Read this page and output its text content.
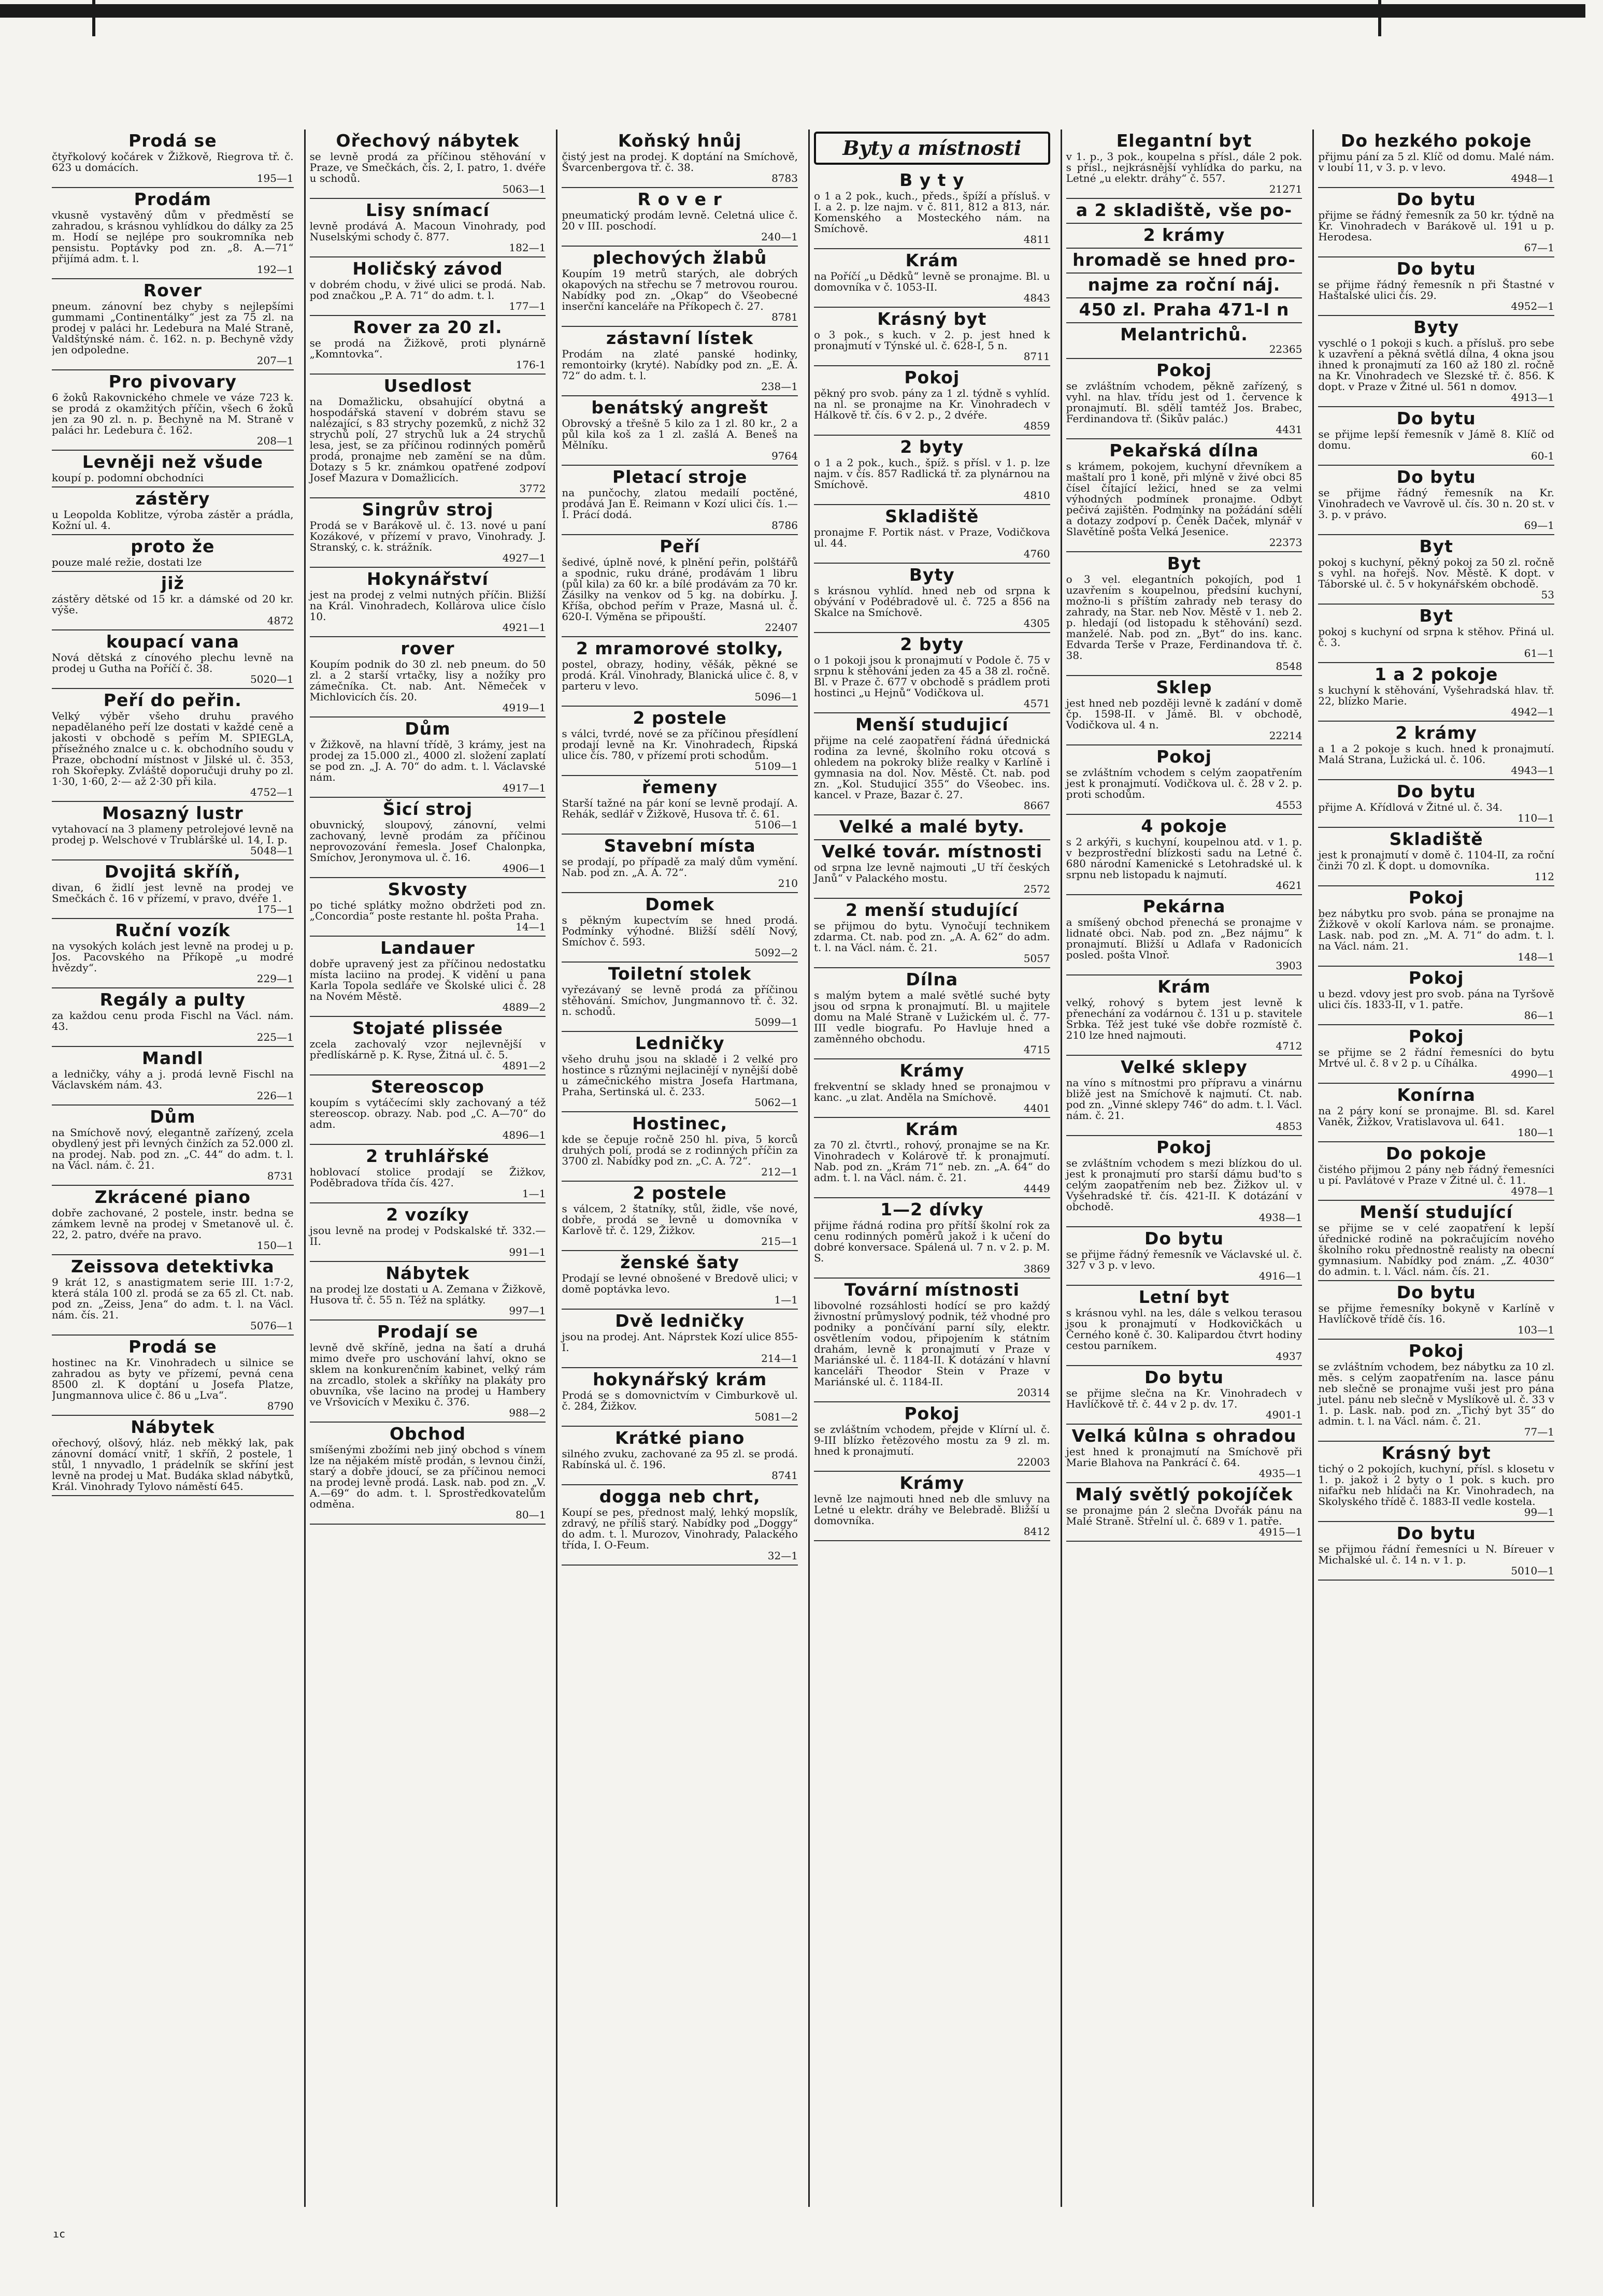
Prodá se
čtyřkolový kočárek v Žižkově, Riegrova tř. č. 623 u domácích.
195—1
Prodám
vkusně vystavěný dům v předměstí se zahradou, s krásnou vyhlídkou do dálky za 25 m. Hodí se nejlépe pro soukromníka neb pensistu. Poptávky pod zn. „8. A.—71“ přijímá adm. t. l.
192—1
Rover
pneum. zánovní bez chyby s nejlepšími gummami „Continentálky“ jest za 75 zl. na prodej v paláci hr. Ledebura na Malé Straně, Valdštýnské nám. č. 162. n. p. Bechyně vždy jen odpoledne.
207—1
Pro pivovary
6 žoků Rakovnického chmele ve váze 723 k. se prodá z okamžitých příčin, všech 6 žoků jen za 90 zl. n. p. Bechyně na M. Straně v paláci hr. Ledebura č. 162.
208—1
Levněji než všude
koupí p. podomní obchodníci
zástěry
u Leopolda Koblitze, výroba zástěr a prádla, Kožní ul. 4.
proto že
pouze malé režie, dostati lze
již
zástěry dětské od 15 kr. a dámské od 20 kr. výše.
4872
koupací vana
Nová dětská z cínového plechu levně na prodej u Gutha na Poříčí č. 38.
5020—1
Peří do peřin.
Velký výběr všeho druhu pravého nepadělaného peří lze dostati v každé ceně a jakosti v obchodě s peřím M. SPIEGLA, přísežného znalce u c. k. obchodního soudu v Praze, obchodní místnost v Jilské ul. č. 353, roh Skořepky. Zvláště doporučuji druhy po zl. 1·30, 1·60, 2·— až 2·30 při kila.
4752—1
Mosazný lustr
vytahovací na 3 plameny petrolejové levně na prodej p. Welschové v Trubláršké ul. 14, I. p.
5048—1
Dvojitá skříň,
divan, 6 židlí jest levně na prodej ve Smečkách č. 16 v přízemí, v pravo, dvéře 1.
175—1
Ruční vozík
na vysokých kolách jest levně na prodej u p. Jos. Pacovského na Příkopě „u modré hvězdy“.
229—1
Regály a pulty
za každou cenu proda Fischl na Václ. nám. 43.
225—1
Mandl
a ledničky, váhy a j. prodá levně Fischl na Václavském nám. 43.
226—1
Dům
na Smíchově nový, elegantně zařízený, zcela obydlený jest při levných činžích za 52.000 zl. na prodej. Nab. pod zn. „C. 44“ do adm. t. l. na Václ. nám. č. 21.
8731
Zkrácené piano
dobře zachované, 2 postele, instr. bedna se zámkem levně na prodej v Smetanově ul. č. 22, 2. patro, dvéře na pravo.
150—1
Zeissova detektivka
9 krát 12, s anastigmatem serie III. 1:7·2, která stála 100 zl. prodá se za 65 zl. Ct. nab. pod zn. „Zeiss, Jena“ do adm. t. l. na Václ. nám. čís. 21.
5076—1
Prodá se
hostinec na Kr. Vinohradech u silnice se zahradou as byty ve přízemí, pevná cena 8500 zl. K doptání u Josefa Platze, Jungmannova ulice č. 86 u „Lva“.
8790
Nábytek
ořechový, olšový, hláz. neb měkký lak, pak zánovní domácí vnitř, 1 skříň, 2 postele, 1 stůl, 1 nnyvadlo, 1 prádelník se skříní jest levně na prodej u Mat. Budáka sklad nábytků, Král. Vinohrady Tylovo náměstí 645.
Ořechový nábytek
se levně prodá za příčinou stěhování v Praze, ve Smečkách, čís. 2, I. patro, 1. dvéře u schodů.
5063—1
Lisy snímací
levně prodává A. Macoun Vinohrady, pod Nuselskými schody č. 877.
182—1
Holičský závod
v dobrém chodu, v živé ulici se prodá. Nab. pod značkou „P. A. 71“ do adm. t. l.
177—1
Rover za 20 zl.
se prodá na Žižkově, proti plynárně „Komntovka“.
176-1
Usedlost
na Domažlicku, obsahující obytná a hospodářská stavení v dobrém stavu se nalézající, s 83 strychy pozemků, z nichž 32 strychů polí, 27 strychů luk a 24 strychů lesa, jest, se za příčinou rodinných poměrů prodá, pronajme neb zamění se na dům. Dotazy s 5 kr. známkou opatřené zodpoví Josef Mazura v Domažlicích.
3772
Singrův stroj
Prodá se v Barákově ul. č. 13. nové u paní Kozákové, v přízemí v pravo, Vinohrady. J. Stranský, c. k. strážník.
4927—1
Hokynářství
jest na prodej z velmi nutných příčin. Bližší na Král. Vinohradech, Kollárova ulice číslo 10.
4921—1
rover
Koupím podnik do 30 zl. neb pneum. do 50 zl. a 2 starší vrtačky, lisy a nožíky pro zámečníka. Ct. nab. Ant. Němeček v Michlovicích čís. 20.
4919—1
Dům
v Žižkově, na hlavní třídě, 3 krámy, jest na prodej za 15.000 zl., 4000 zl. složení zaplatí se pod zn. „J. A. 70“ do adm. t. l. Václavské nám.
4917—1
Šicí stroj
obuvnický, sloupový, zánovní, velmi zachovaný, levně prodám za příčinou neprovozování řemesla. Josef Chalonpka, Smíchov, Jeronymova ul. č. 16.
4906—1
Skvosty
po tiché splátky možno obdržeti pod zn. „Concordia“ poste restante hl. pošta Praha.
14—1
Landauer
dobře upravený jest za příčinou nedostatku místa laciino na prodej. K vidění u pana Karla Topola sedláře ve Školské ulici č. 28 na Novém Městě.
4889—2
Stojaté plissée
zcela zachovalý vzor nejlevnější v předlískárně p. K. Ryse, Žitná ul. č. 5.
4891—2
Stereoscop
koupím s vytáčecími skly zachovaný a též stereoscop. obrazy. Nab. pod „C. A—70“ do adm.
4896—1
2 truhlářské
hoblovací stolice prodají se Žižkov, Poděbradova třída čís. 427.
1—1
2 vozíky
jsou levně na prodej v Podskalské tř. 332.—II.
991—1
Nábytek
na prodej lze dostati u A. Zemana v Žižkově, Husova tř. č. 55 n. Též na splátky.
997—1
Prodají se
levně dvě skříně, jedna na šatí a druhá mimo dveře pro uschování lahví, okno se sklem na konkurenčním kabinet, velký rám na zrcadlo, stolek a skříňky na plakáty pro obuvníka, vše lacino na prodej u Hambery ve Vršovicích v Mexiku č. 376.
988—2
Obchod
smíšenými zbožími neb jiný obchod s vínem lze na nějakém místě prodán, s levnou činží, starý a dobře jdoucí, se za příčinou nemoci na prodej levně prodá. Lask. nab. pod zn. „V. A.—69“ do adm. t. l. Sprostředkovatelům odměna.
80—1
Koňský hnůj
čistý jest na prodej. K doptání na Smíchově, Švarcenbergova tř. č. 38.
8783
R o v e r
pneumatický prodám levně. Celetná ulice č. 20 v III. poschodí.
240—1
plechových žlabů
Koupím 19 metrů starých, ale dobrých okapových na střechu se 7 metrovou rourou. Nabídky pod zn. „Okap“ do Všeobecné inserční kanceláře na Příkopech č. 27.
8781
zástavní lístek
Prodám na zlaté panské hodinky, remontoirky (kryté). Nabídky pod zn. „E. A. 72“ do adm. t. l.
238—1
benátský angrešt
Obrovský a třešně 5 kilo za 1 zl. 80 kr., 2 a půl kila koš za 1 zl. zašlá A. Beneš na Mělníku.
9764
Pletací stroje
na punčochy, zlatou medailí poctěné, prodává Jan E. Reimann v Kozí ulici čís. 1.—I. Prácí dodá.
8786
Peří
šedivé, úplně nové, k plnění peřin, polštářů a spodnic, ruku dráné, prodávám 1 libru (půl kila) za 60 kr. a bílé prodávám za 70 kr. Zásilky na venkov od 5 kg. na dobírku. J. Kříša, obchod peřím v Praze, Masná ul. č. 620-I. Výměna se připouští.
22407
2 mramorové stolky,
postel, obrazy, hodiny, věšák, pěkné se prodá. Král. Vinohrady, Blanická ulice č. 8, v parteru v levo.
5096—1
2 postele
s válci, tvrdé, nové se za příčinou přesídlení prodají levně na Kr. Vinohradech, Řipská ulice čís. 780, v přízemí proti schodům.
5109—1
řemeny
Starší tažné na pár koní se levně prodají. A. Rehák, sedlář v Žižkově, Husova tř. č. 61.
5106—1
Stavební místa
se prodají, po případě za malý dům vymění. Nab. pod zn. „A. A. 72“.
210
Domek
s pěkným kupectvím se hned prodá. Podmínky výhodné. Bližší sdělí Nový, Smíchov č. 593.
5092—2
Toiletní stolek
vyřezávaný se levně prodá za příčinou stěhování. Smíchov, Jungmannovo tř. č. 32. n. schodů.
5099—1
Ledničky
všeho druhu jsou na skladě i 2 velké pro hostince s různými nejlacinějí v nynější době u zámečnického mistra Josefa Hartmana, Praha, Sertinská ul. č. 233.
5062—1
Hostinec,
kde se čepuje ročně 250 hl. piva, 5 korců druhých polí, prodá se z rodinných příčin za 3700 zl. Nabídky pod zn. „C. A. 72“.
212—1
2 postele
s válcem, 2 štatníky, stůl, židle, vše nové, dobře, prodá se levně u domovníka v Karlově tř. č. 129, Žižkov.
215—1
ženské šaty
Prodají se levné obnošené v Bredově ulici; v domě poptávka levo.
1—1
Dvě ledničky
jsou na prodej. Ant. Náprstek Kozí ulice 855-I.
214—1
hokynářský krám
Prodá se s domovnictvím v Cimburkově ul. č. 284, Žižkov.
5081—2
Krátké piano
silného zvuku, zachované za 95 zl. se prodá. Rabínská ul. č. 196.
8741
dogga neb chrt,
Koupí se pes, přednost malý, lehký mopslík, zdravý, ne příliš starý. Nabídky pod „Doggy“ do adm. t. l. Murozov, Vinohrady, Palackého třída, I. O-Feum.
32—1
Byty a místnosti
B y t y
o 1 a 2 pok., kuch., předs., špíží a přísluš. v I. a 2. p. lze najm. v č. 811, 812 a 813, nár. Komenského a Mosteckého nám. na Smíchově.
4811
Krám
na Poříčí „u Dědků“ levně se pronajme. Bl. u domovníka v č. 1053-II.
4843
Krásný byt
o 3 pok., s kuch. v 2. p. jest hned k pronajmutí v Týnské ul. č. 628-I, 5 n.
8711
Pokoj
pěkný pro svob. pány za 1 zl. týdně s vyhlíd. na nl. se pronajme na Kr. Vinohradech v Hálkově tř. čís. 6 v 2. p., 2 dvéře.
4859
2 byty
o 1 a 2 pok., kuch., špíž. s přísl. v 1. p. lze najm. v čís. 857 Radlická tř. za plynárnou na Smíchově.
4810
Skladiště
pronajme F. Portik nást. v Praze, Vodičkova ul. 44.
4760
Byty
s krásnou vyhlíd. hned neb od srpna k obývání v Podébradově ul. č. 725 a 856 na Skalce na Smíchově.
4305
2 byty
o 1 pokoji jsou k pronajmutí v Podole č. 75 v srpnu k stěhování jeden za 45 a 38 zl. ročně. Bl. v Praze č. 677 v obchodě s prádlem proti hostinci „u Hejnů“ Vodičkova ul.
4571
Menší studujicí
přijme na celé zaopatření řádná úřednická rodina za levné, školního roku otcová s ohledem na pokroky bliže realky v Karlíně i gymnasia na dol. Nov. Městě. Ct. nab. pod zn. „Kol. Studujicí 355“ do Všeobec. ins. kancel. v Praze, Bazar č. 27.
8667
Velké a malé byty.
Velké továr. místnosti
od srpna lze levně najmouti „U tří českých Janů“ v Palackého mostu.
2572
2 menší studující
se přijmou do bytu. Vynočují technikem zdarma. Ct. nab. pod zn. „A. A. 62“ do adm. t. l. na Václ. nám. č. 21.
5057
Dílna
s malým bytem a malé světlé suché byty jsou od srpna k pronajmutí. Bl. u majitele domu na Malé Straně v Lužickém ul. č. 77-III vedle biografu. Po Havluje hned a zaměnného obchodu.
4715
Krámy
frekventní se sklady hned se pronajmou v kanc. „u zlat. Anděla na Smíchově.
4401
Krám
za 70 zl. čtvrtl., rohový, pronajme se na Kr. Vinohradech v Kolárově tř. k pronajmutí. Nab. pod zn. „Krám 71“ neb. zn. „A. 64“ do adm. t. l. na Václ. nám. č. 21.
4449
1—2 dívky
přijme řádná rodina pro přítší školní rok za cenu rodinných poměrů jakož i k učení do dobré konversace. Spálená ul. 7 n. v 2. p. M. S.
3869
Tovární místnosti
libovolné rozsáhlosti hodící se pro každý živnostní průmyslový podnik, též vhodné pro podniky a pončívání parní síly, elektr. osvětlením vodou, připojením k státním drahám, levně k pronajmutí v Praze v Mariánské ul. č. 1184-II. K dotázání v hlavní kanceláři Theodor Stein v Praze v Mariánské ul. č. 1184-II.
20314
Pokoj
se zvláštním vchodem, přejde v Klírní ul. č. 9-III blízko řetězového mostu za 9 zl. m. hned k pronajmutí.
22003
Krámy
levně lze najmouti hned neb dle smluvy na Letné u elektr. dráhy ve Belebradě. Bližší u domovníka.
8412
Elegantní byt
v 1. p., 3 pok., koupelna s přísl., dále 2 pok. s přísl., nejkrásnější vyhlídka do parku, na Letné „u elektr. dráhy“ č. 557.
21271
a 2 skladiště, vše po-
2 krámy
hromadě se hned pro-
najme za roční náj.
450 zl. Praha 471-I n
Melantrichů.
22365
Pokoj
se zvláštním vchodem, pěkně zařízený, s vyhl. na hlav. třídu jest od 1. července k pronajmutí. Bl. sdělí tamtéž Jos. Brabec, Ferdinandova tř. (Šikův palác.)
4431
Pekařská dílna
s krámem, pokojem, kuchyní dřevníkem a maštalí pro 1 koně, při mlýně v živé obci 85 čísel čítající ležicí, hned se za velmi výhodných podmínek pronajme. Odbyt pečivá zajištěn. Podmínky na požádání sdělí a dotazy zodpoví p. Čeněk Daček, mlynář v Slavětíně pošta Velká Jesenice.
22373
Byt
o 3 vel. elegantních pokojích, pod 1 uzavřením s koupelnou, předsíní kuchyní, možno-li s příštím zahrady neb terasy do zahrady, na Star. neb Nov. Městě v 1. neb 2. p. hledají (od listopadu k stěhování) sezd. manželé. Nab. pod zn. „Byt“ do ins. kanc. Edvarda Terše v Praze, Ferdinandova tř. č. 38.
8548
Sklep
jest hned neb později levně k zadání v domě čp. 1598-II. v Jámě. Bl. v obchodě, Vodičkova ul. 4 n.
22214
Pokoj
se zvláštním vchodem s celým zaopatřením jest k pronajmutí. Vodičkova ul. č. 28 v 2. p. proti schodům.
4553
4 pokoje
s 2 arkýři, s kuchyní, koupelnou atd. v 1. p. v bezprostřední blízkosti sadu na Letné č. 680 národní Kamenické s Letohradské ul. k srpnu neb listopadu k najmutí.
4621
Pekárna
a smíšený obchod přenechá se pronajme v lidnaté obci. Nab. pod zn. „Bez nájmu“ k pronajmutí. Bližší u Adlafa v Radonicích posled. pošta Vlnoř.
3903
Krám
velký, rohový s bytem jest levně k přenechání za vodárnou č. 131 u p. stavitele Srbka. Též jest tuké vše dobře rozmístě č. 210 lze hned najmouti.
4712
Velké sklepy
na víno s mítnostmi pro přípravu a vinárnu bližě jest na Smíchově k najmutí. Ct. nab. pod zn. „Vinné sklepy 746“ do adm. t. l. Václ. nám. č. 21.
4853
Pokoj
se zvláštním vchodem s mezi blízkou do ul. jest k pronajmutí pro starší dámu bud'to s celým zaopatřením neb bez. Žižkov ul. v Vyšehradské tř. čís. 421-II. K dotázání v obchodě.
4938—1
Do bytu
se přijme řádný řemesník ve Václavské ul. č. 327 v 3 p. v levo.
4916—1
Letní byt
s krásnou vyhl. na les, dále s velkou terasou jsou k pronajmutí v Hodkovičkách u Černého koně č. 30. Kalipardou čtvrt hodiny cestou parníkem.
4937
Do bytu
se přijme slečna na Kr. Vinohradech v Havlíčkově tř. č. 44 v 2 p. dv. 17.
4901-1
Velká kůlna s ohradou
jest hned k pronajmutí na Smíchově při Marie Blahova na Pankrácí č. 64.
4935—1
Malý světlý pokojíček
se pronajme pán 2 slečna Dvořák pánu na Malé Straně. Střelní ul. č. 689 v 1. patře.
4915—1
Do hezkého pokoje
přijmu pání za 5 zl. Klíč od domu. Malé nám. v loubí 11, v 3. p. v levo.
4948—1
Do bytu
přijme se řádný řemesník za 50 kr. týdně na Kr. Vinohradech v Barákově ul. 191 u p. Herodesa.
67—1
Do bytu
se přijme řádný řemesník n při Štastné v Haštalské ulici čís. 29.
4952—1
Byty
vyschlé o 1 pokoji s kuch. a přísluš. pro sebe k uzavření a pěkná světlá dílna, 4 okna jsou ihned k pronajmutí za 160 až 180 zl. ročně na Kr. Vinohradech ve Slezské tř. č. 856. K dopt. v Praze v Žitné ul. 561 n domov.
4913—1
Do bytu
se přijme lepší řemesník v Jámě 8. Klíč od domu.
60-1
Do bytu
se přijme řádný řemesník na Kr. Vinohradech ve Vavrově ul. čís. 30 n. 20 st. v 3. p. v právo.
69—1
Byt
pokoj s kuchyní, pěkný pokoj za 50 zl. ročně s vyhl. na hořejš. Nov. Městě. K dopt. v Táborské ul. č. 5 v hokynářském obchodě.
53
Byt
pokoj s kuchyní od srpna k stěhov. Přiná ul. č. 3.
61—1
1 a 2 pokoje
s kuchyní k stěhování, Vyšehradská hlav. tř. 22, blízko Marie.
4942—1
2 krámy
a 1 a 2 pokoje s kuch. hned k pronajmutí. Malá Strana, Lužická ul. č. 106.
4943—1
Do bytu
přijme A. Křídlová v Žitné ul. č. 34.
110—1
Skladiště
jest k pronajmutí v domě č. 1104-II, za roční činži 70 zl. K dopt. u domovníka.
112
Pokoj
bez nábytku pro svob. pána se pronajme na Žižkově v okolí Karlova nám. se pronajme. Lask. nab. pod zn. „M. A. 71“ do adm. t. l. na Václ. nám. 21.
148—1
Pokoj
u bezd. vdovy jest pro svob. pána na Tyršově ulici čís. 1833-II, v 1. patře.
86—1
Pokoj
se přijme se 2 řádní řemesníci do bytu Mrtvé ul. č. 8 v 2 p. u Cíhálka.
4990—1
Konírna
na 2 páry koní se pronajme. Bl. sd. Karel Vaněk, Žižkov, Vratislavova ul. 641.
180—1
Do pokoje
čistého přijmou 2 pány neb řádný řemesníci u pí. Pavlátové v Praze v Žitné ul. č. 11.
4978—1
Menší studující
se přijme se v celé zaopatření k lepší úřednické rodině na pokračujícím nového školního roku přednostně realisty na obecní gymnasium. Nabídky pod znám. „Z. 4030“ do admin. t. l. Václ. nám. čís. 21.
Do bytu
se přijme řemesníky bokyně v Karlíně v Havlíčkově třídě čís. 16.
103—1
Pokoj
se zvláštním vchodem, bez nábytku za 10 zl. měs. s celým zaopatřením na. lasce pánu neb slečně se pronajme vuši jest pro pána jutel. pánu neb slečně v Myslíkově ul. č. 33 v 1. p. Lask. nab. pod zn. „Tichý byt 35“ do admin. t. l. na Václ. nám. č. 21.
77—1
Krásný byt
tichý o 2 pokojích, kuchyní, přísl. s klosetu v 1. p. jakož i 2 byty o 1 pok. s kuch. pro nifařku neb hlídači na Kr. Vinohradech, na Skolyského třídě č. 1883-II vedle kostela.
99—1
Do bytu
se přijmou řádní řemesníci u N. Bíreuer v Michalské ul. č. 14 n. v 1. p.
5010—1
ıc
